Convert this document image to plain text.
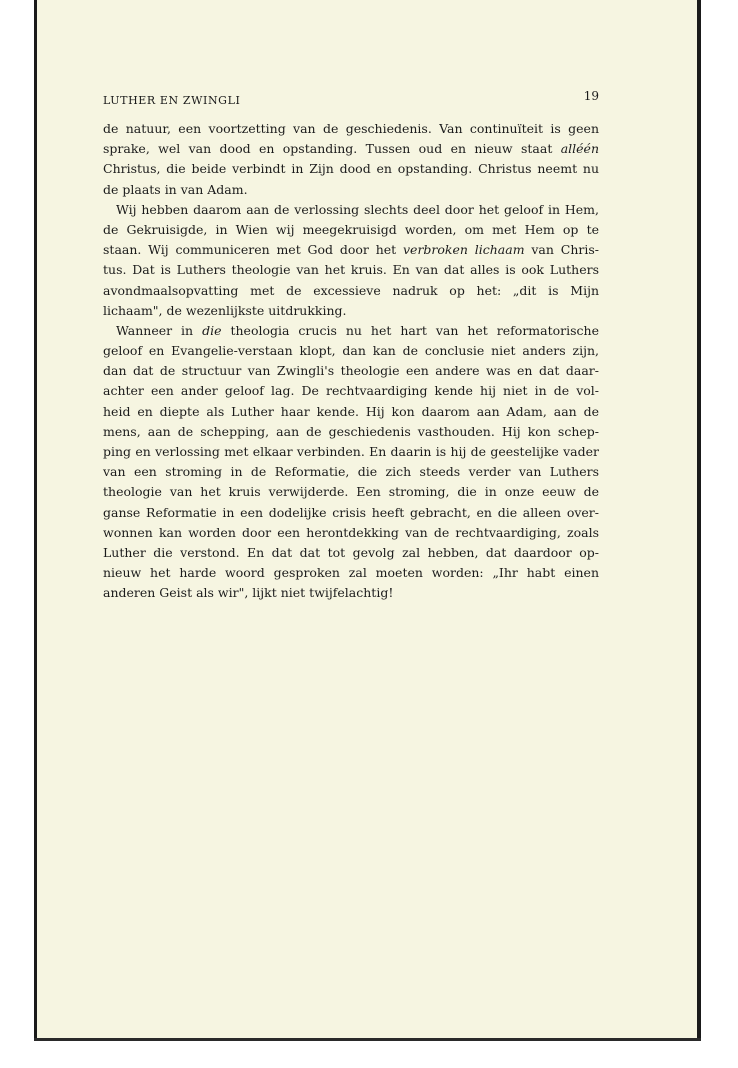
LUTHER EN ZWINGLI	19
de natuur, een voortzetting van de geschiedenis. Van continuïteit is geen
sprake, wel van dood en opstanding. Tussen oud en nieuw staat alléén
Christus, die beide verbindt in Zijn dood en opstanding. Christus neemt nu
de plaats in van Adam.
Wij hebben daarom aan de verlossing slechts deel door het geloof in Hem,
de Gekruisigde, in Wien wij meegekruisigd worden, om met Hem op te
staan. Wij communiceren met God door het verbroken lichaam van Chris-
tus. Dat is Luthers theologie van het kruis. En van dat alles is ook Luthers
avondmaalsopvatting met de excessieve nadruk op het: „dit is Mijn
lichaam", de wezenlijkste uitdrukking.
Wanneer in die theologia crucis nu het hart van het reformatorische
geloof en Evangelie-verstaan klopt, dan kan de conclusie niet anders zijn,
dan dat de structuur van Zwingli's theologie een andere was en dat daar-
achter een ander geloof lag. De rechtvaardiging kende hij niet in de vol-
heid en diepte als Luther haar kende. Hij kon daarom aan Adam, aan de
mens, aan de schepping, aan de geschiedenis vasthouden. Hij kon schep-
ping en verlossing met elkaar verbinden. En daarin is hij de geestelijke vader
van een stroming in de Reformatie, die zich steeds verder van Luthers
theologie van het kruis verwijderde. Een stroming, die in onze eeuw de
ganse Reformatie in een dodelijke crisis heeft gebracht, en die alleen over-
wonnen kan worden door een herontdekking van de rechtvaardiging, zoals
Luther die verstond. En dat dat tot gevolg zal hebben, dat daardoor op-
nieuw het harde woord gesproken zal moeten worden: „Ihr habt einen
anderen Geist als wir", lijkt niet twijfelachtig!
